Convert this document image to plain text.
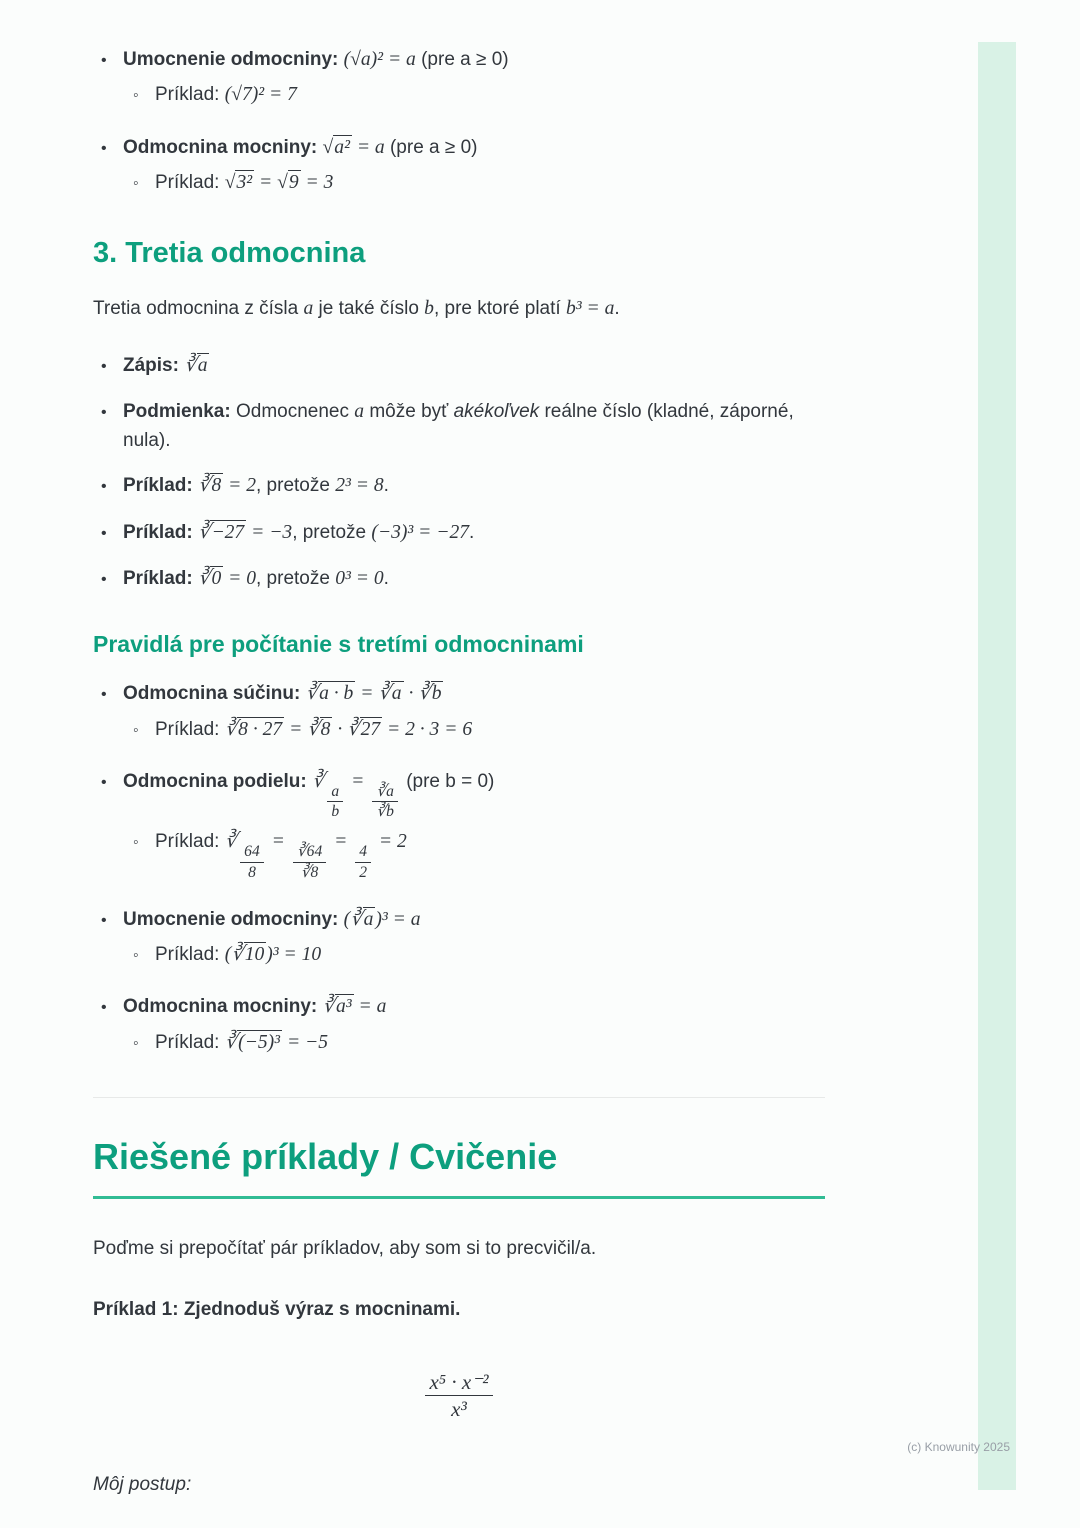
•
Umocnenie odmocniny: (√a)² = a (pre a ≥ 0)
◦
Príklad: (√7)² = 7
•
Odmocnina mocniny: √a² = a (pre a ≥ 0)
◦
Príklad: √3² = √9 = 3
3. Tretia odmocnina

Tretia odmocnina z čísla a je také číslo b, pre ktoré platí b³ = a.

•
Zápis: ∛a
•
Podmienka: Odmocnenec a môže byť akékoľvek reálne číslo (kladné, záporné, nula).
•
Príklad: ∛8 = 2, pretože 2³ = 8.
•
Príklad: ∛−27 = −3, pretože (−3)³ = −27.
•
Príklad: ∛0 = 0, pretože 0³ = 0.
Pravidlá pre počítanie s tretími odmocninami
•
Odmocnina súčinu: ∛a · b = ∛a · ∛b
◦
Príklad: ∛8 · 27 = ∛8 · ∛27 = 2 · 3 = 6
•
Odmocnina podielu: ∛
$\frac{a}{b}$
=
$\frac{∛a}{∛b}$
(pre b = 0)
◦
Príklad: ∛
$\frac{64}{8}$
=
$\frac{∛64}{∛8}$
=
$\frac{4}{2}$
= 2
•
Umocnenie odmocniny: (∛a )³ = a
◦
Príklad: (∛10 )³ = 10
•
Odmocnina mocniny: ∛a³ = a
◦
Príklad: ∛(−5)³ = −5
Riešené príklady / Cvičenie

Poďme si prepočítať pár príkladov, aby som si to precvičil/a.

Príklad 1: Zjednoduš výraz s mocninami.

$\frac{\text{x⁵ · x⁻²}}{\text{x³}}$

Môj postup:

(c) Knowunity 2025
